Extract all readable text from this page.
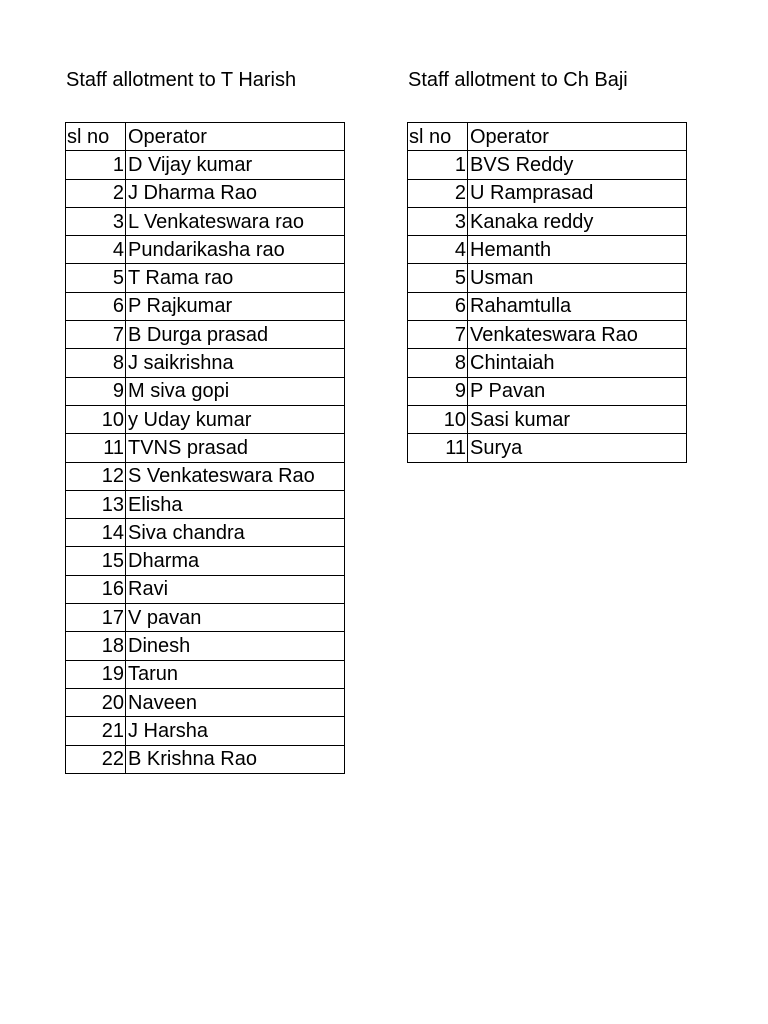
Staff allotment to T Harish
sl no	Operator
1	D Vijay kumar
2	J Dharma Rao
3	L Venkateswara rao
4	Pundarikasha rao
5	T Rama rao
6	P Rajkumar
7	B Durga prasad
8	J saikrishna
9	M siva gopi
10	y Uday kumar
11	TVNS prasad
12	S Venkateswara Rao
13	Elisha
14	Siva chandra
15	Dharma
16	Ravi
17	V pavan
18	Dinesh
19	Tarun
20	Naveen
21	J Harsha
22	B Krishna Rao
Staff allotment to Ch Baji
sl no	Operator
1	BVS Reddy
2	U Ramprasad
3	Kanaka reddy
4	Hemanth
5	Usman
6	Rahamtulla
7	Venkateswara Rao
8	Chintaiah
9	P Pavan
10	Sasi kumar
11	Surya
